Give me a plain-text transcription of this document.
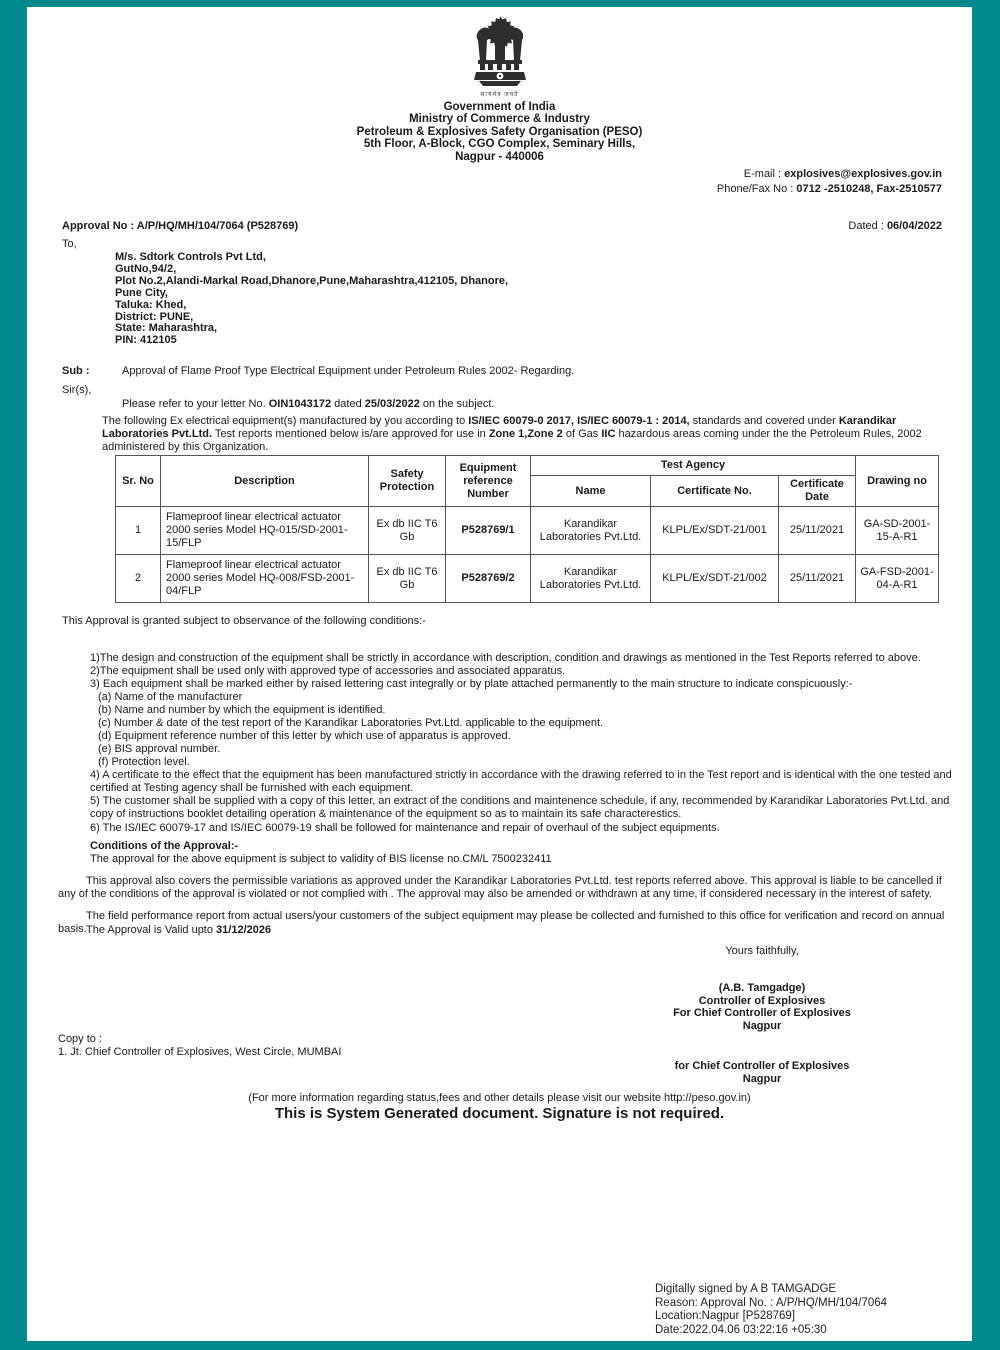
सत्यमेव जयते
Government of India
Ministry of Commerce & Industry
Petroleum & Explosives Safety Organisation (PESO)
5th Floor, A-Block, CGO Complex, Seminary Hills,
Nagpur - 440006
E-mail : explosives@explosives.gov.in
Phone/Fax No : 0712 -2510248, Fax-2510577
Approval No : A/P/HQ/MH/104/7064 (P528769)	Dated : 06/04/2022
To,
M/s. Sdtork Controls Pvt Ltd,
GutNo,94/2,
Plot No.2,Alandi-Markal Road,Dhanore,Pune,Maharashtra,412105, Dhanore,
Pune City,
Taluka: Khed,
District: PUNE,
State: Maharashtra,
PIN: 412105
Sub :	Approval of Flame Proof Type Electrical Equipment under Petroleum Rules 2002- Regarding.
Sir(s),
Please refer to your letter No. OIN1043172 dated 25/03/2022 on the subject.
The following Ex electrical equipment(s) manufactured by you according to IS/IEC 60079-0 2017, IS/IEC 60079-1 : 2014, standards and covered under Karandikar Laboratories Pvt.Ltd. Test reports mentioned below is/are approved for use in Zone 1,Zone 2 of Gas IIC hazardous areas coming under the the Petroleum Rules, 2002 administered by this Organization.
Sr. No	Description	Safety Protection	Equipment reference Number	Test Agency			Drawing no
				Name	Certificate No.	Certificate Date	
1	Flameproof linear electrical actuator 2000 series Model HQ-015/SD-2001-15/FLP	Ex db IIC T6 Gb	P528769/1	Karandikar Laboratories Pvt.Ltd.	KLPL/Ex/SDT-21/001	25/11/2021	GA-SD-2001-15-A-R1
2	Flameproof linear electrical actuator 2000 series Model HQ-008/FSD-2001-04/FLP	Ex db IIC T6 Gb	P528769/2	Karandikar Laboratories Pvt.Ltd.	KLPL/Ex/SDT-21/002	25/11/2021	GA-FSD-2001-04-A-R1
This Approval is granted subject to observance of the following conditions:-
1)The design and construction of the equipment shall be strictly in accordance with description, condition and drawings as mentioned in the Test Reports referred to above.
2)The equipment shall be used only with approved type of accessories and associated apparatus.
3) Each equipment shall be marked either by raised lettering cast integrally or by plate attached permanently to the main structure to indicate conspicuously:-
(a) Name of the manufacturer
(b) Name and number by which the equipment is identified.
(c) Number & date of the test report of the Karandikar Laboratories Pvt.Ltd. applicable to the equipment.
(d) Equipment reference number of this letter by which use of apparatus is approved.
(e) BIS approval number.
(f) Protection level.
4) A certificate to the effect that the equipment has been manufactured strictly in accordance with the drawing referred to in the Test report and is identical with the one tested and certified at Testing agency shall be furnished with each equipment.
5) The customer shall be supplied with a copy of this letter, an extract of the conditions and maintenence schedule, if any, recommended by Karandikar Laboratories Pvt.Ltd. and copy of instructions booklet detailing operation & maintenance of the equipment so as to maintain its safe characterestics.
6) The IS/IEC 60079-17 and IS/IEC 60079-19 shall be followed for maintenance and repair of overhaul of the subject equipments.
Conditions of the Approval:-
The approval for the above equipment is subject to validity of BIS license no.CM/L 7500232411
This approval also covers the permissible variations as approved under the Karandikar Laboratories Pvt.Ltd. test reports referred above. This approval is liable to be cancelled if any of the conditions of the approval is violated or not complied with . The approval may also be amended or withdrawn at any time, if considered necessary in the interest of safety.
The field performance report from actual users/your customers of the subject equipment may please be collected and furnished to this office for verification and record on annual basis. The Approval is Valid upto 31/12/2026
Yours faithfully,
(A.B. Tamgadge)
Controller of Explosives
For Chief Controller of Explosives
Nagpur
Copy to :
1. Jt. Chief Controller of Explosives, West Circle, MUMBAI
for Chief Controller of Explosives
Nagpur
(For more information regarding status,fees and other details please visit our website http://peso.gov.in)
This is System Generated document. Signature is not required.
Digitally signed by A B TAMGADGE
Reason: Approval No. : A/P/HQ/MH/104/7064
Location:Nagpur [P528769]
Date:2022.04.06 03:22:16 +05:30
